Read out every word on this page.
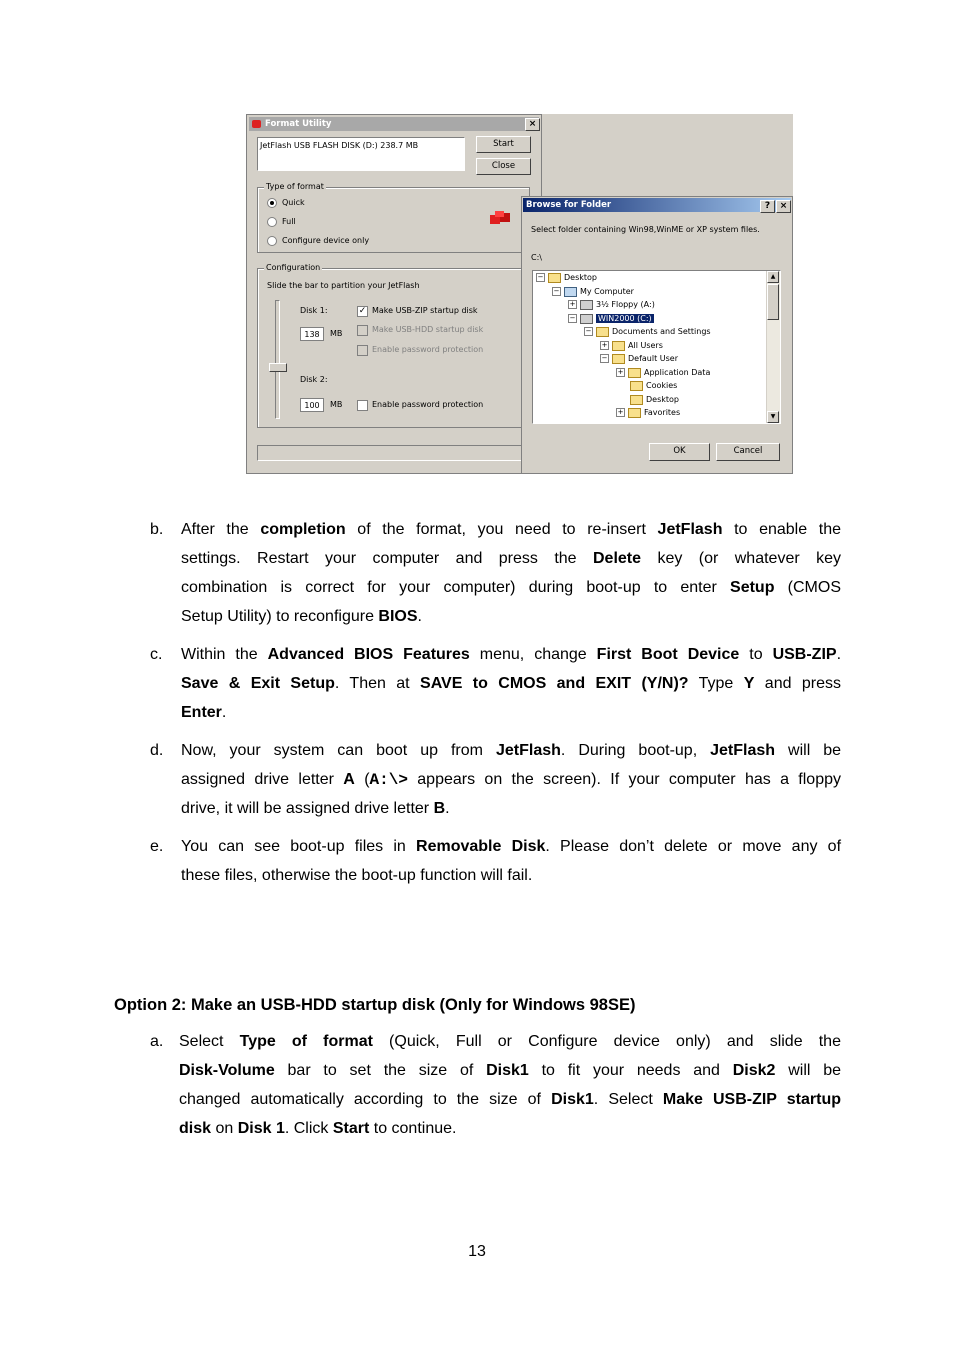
Format Utility	×
JetFlash USB FLASH DISK (D:) 238.7 MB	Start
Close
Type of format
Quick
Full
Configure device only
Configuration
Slide the bar to partition your JetFlash
Disk 1:	✓ Make USB-ZIP startup disk
138	MB	Make USB-HDD startup disk
Enable password protection
Disk 2:
100	MB	Enable password protection
Browse for Folder	?	×
Select folder containing Win98,WinME or XP system files.
C:\
−	Desktop
−	My Computer
+	3½ Floppy (A:)
−	WIN2000 (C:)
−	Documents and Settings
+	All Users
−	Default User
+	Application Data
Cookies
Desktop
+	Favorites
▲
▼
OK	Cancel
b. After the completion of the format, you need to re-insert JetFlash to enable the
settings. Restart your computer and press the Delete key (or whatever key
combination is correct for your computer) during boot-up to enter Setup (CMOS
Setup Utility) to reconfigure BIOS.
c. Within the Advanced BIOS Features menu, change First Boot Device to USB-ZIP.
Save & Exit Setup. Then at SAVE to CMOS and EXIT (Y/N)? Type Y and press
Enter.
d. Now, your system can boot up from JetFlash. During boot-up, JetFlash will be
assigned drive letter A (A:\> appears on the screen). If your computer has a floppy
drive, it will be assigned drive letter B.
e. You can see boot-up files in Removable Disk. Please don’t delete or move any of
these files, otherwise the boot-up function will fail.
Option 2: Make an USB-HDD startup disk (Only for Windows 98SE)
a. Select Type of format (Quick, Full or Configure device only) and slide the
Disk-Volume bar to set the size of Disk1 to fit your needs and Disk2 will be
changed automatically according to the size of Disk1. Select Make USB-ZIP startup
disk on Disk 1. Click Start to continue.
13
